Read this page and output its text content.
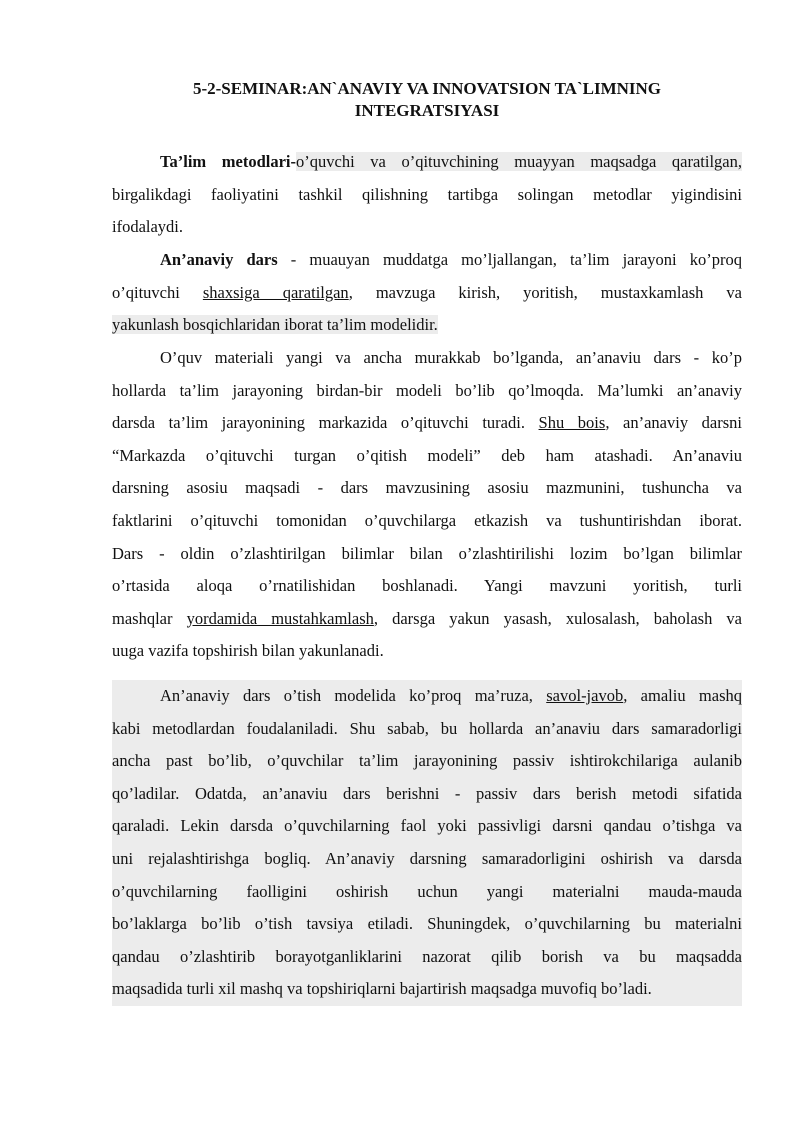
5-2-SEMINAR:AN`ANAVIY VA INNOVATSION TA`LIMNING
INTEGRATSIYASI
Ta’lim metodlari-o’quvchi va o’qituvchining muayyan maqsadga qaratilgan,
birgalikdagi faoliyatini tashkil qilishning tartibga solingan metodlar yigindisini
ifodalaydi.
An’anaviy dars - muauyan muddatga mo’ljallangan, ta’lim jarayoni ko’proq
o’qituvchi shaxsiga qaratilgan, mavzuga kirish, yoritish, mustaxkamlash va
yakunlash bosqichlaridan iborat ta’lim modelidir.
O’quv materiali yangi va ancha murakkab bo’lganda, an’anaviu dars - ko’p
hollarda ta’lim jarayoning birdan-bir modeli bo’lib qo’lmoqda. Ma’lumki an’anaviy
darsda ta’lim jarayonining markazida o’qituvchi turadi. Shu bois, an’anaviy darsni
“Markazda o’qituvchi turgan o’qitish modeli” deb ham atashadi. An’anaviu
darsning asosiu maqsadi - dars mavzusining asosiu mazmunini, tushuncha va
faktlarini o’qituvchi tomonidan o’quvchilarga etkazish va tushuntirishdan iborat.
Dars - oldin o’zlashtirilgan bilimlar bilan o’zlashtirilishi lozim bo’lgan bilimlar
o’rtasida aloqa o’rnatilishidan boshlanadi. Yangi mavzuni yoritish, turli
mashqlar yordamida mustahkamlash, darsga yakun yasash, xulosalash, baholash va
uuga vazifa topshirish bilan yakunlanadi.
An’anaviy dars o’tish modelida ko’proq ma’ruza, savol-javob, amaliu mashq
kabi metodlardan foudalaniladi. Shu sabab, bu hollarda an’anaviu dars samaradorligi
ancha past bo’lib, o’quvchilar ta’lim jarayonining passiv ishtirokchilariga aulanib
qo’ladilar. Odatda, an’anaviu dars berishni - passiv dars berish metodi sifatida
qaraladi. Lekin darsda o’quvchilarning faol yoki passivligi darsni qandau o’tishga va
uni rejalashtirishga bogliq. An’anaviy darsning samaradorligini oshirish va darsda
o’quvchilarning faolligini oshirish uchun yangi materialni mauda-mauda
bo’laklarga bo’lib o’tish tavsiya etiladi. Shuningdek, o’quvchilarning bu materialni
qandau o’zlashtirib borayotganliklarini nazorat qilib borish va bu maqsadda
maqsadida turli xil mashq va topshiriqlarni bajartirish maqsadga muvofiq bo’ladi.
